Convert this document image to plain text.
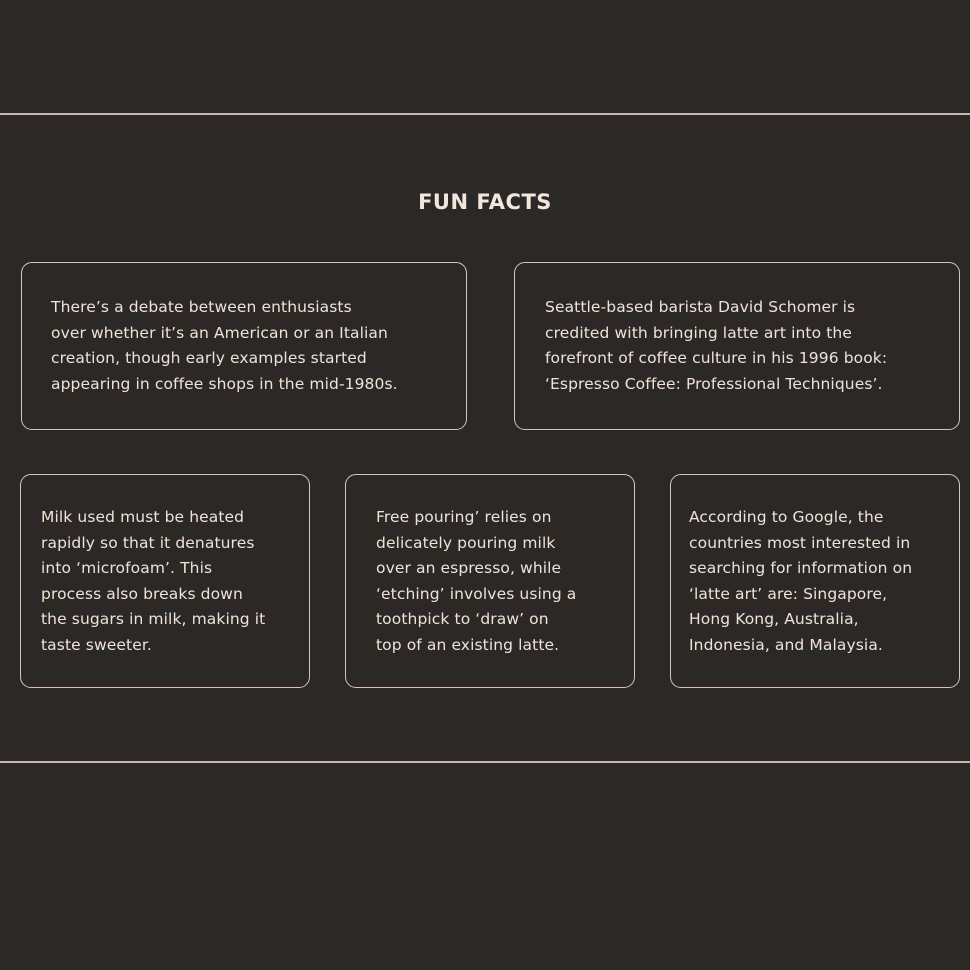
FUN FACTS

There’s a debate between enthusiasts
over whether it’s an American or an Italian
creation, though early examples started
appearing in coffee shops in the mid-1980s.

Seattle-based barista David Schomer is
credited with bringing latte art into the
forefront of coffee culture in his 1996 book:
‘Espresso Coffee: Professional Techniques’.

Milk used must be heated
rapidly so that it denatures
into ‘microfoam’. This
process also breaks down
the sugars in milk, making it
taste sweeter.

Free pouring’ relies on
delicately pouring milk
over an espresso, while
‘etching’ involves using a
toothpick to ‘draw’ on
top of an existing latte.

According to Google, the
countries most interested in
searching for information on
‘latte art’ are: Singapore,
Hong Kong, Australia,
Indonesia, and Malaysia.
